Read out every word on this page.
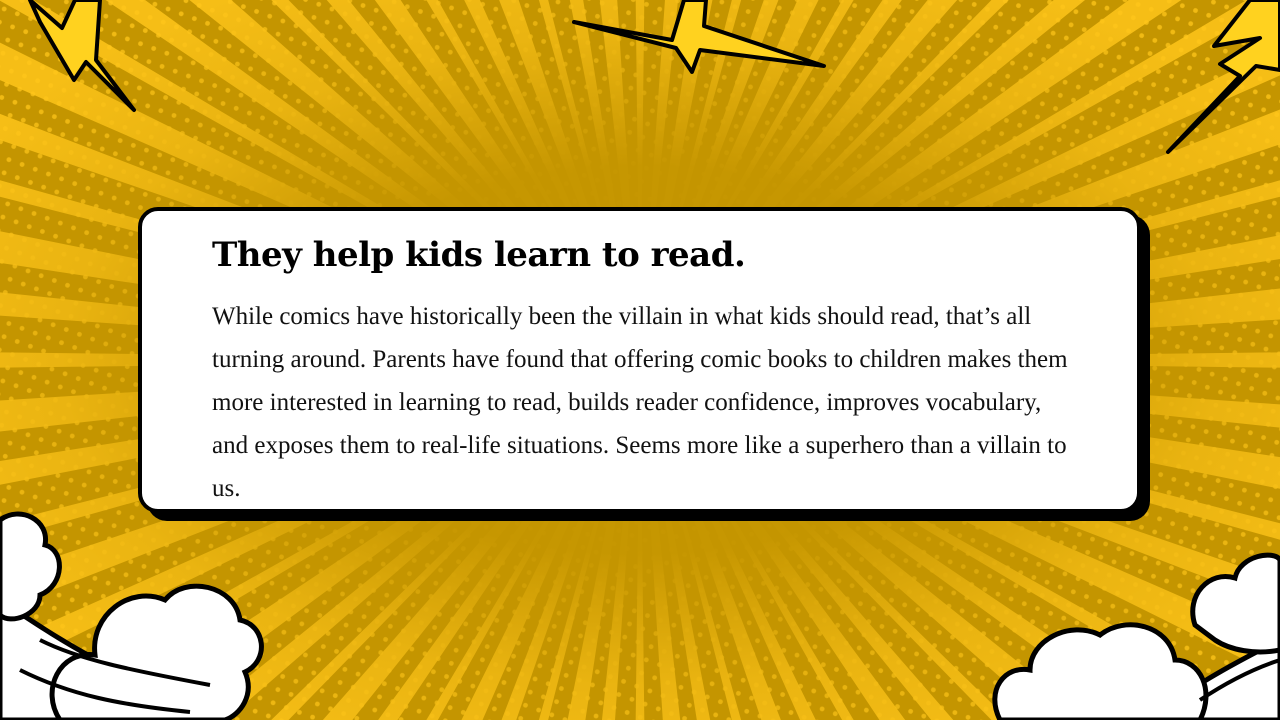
They help kids learn to read.

While comics have historically been the villain in what kids should read, that’s all turning around. Parents have found that offering comic books to children makes them more interested in learning to read, builds reader confidence, improves vocabulary, and exposes them to real-life situations. Seems more like a superhero than a villain to us.
